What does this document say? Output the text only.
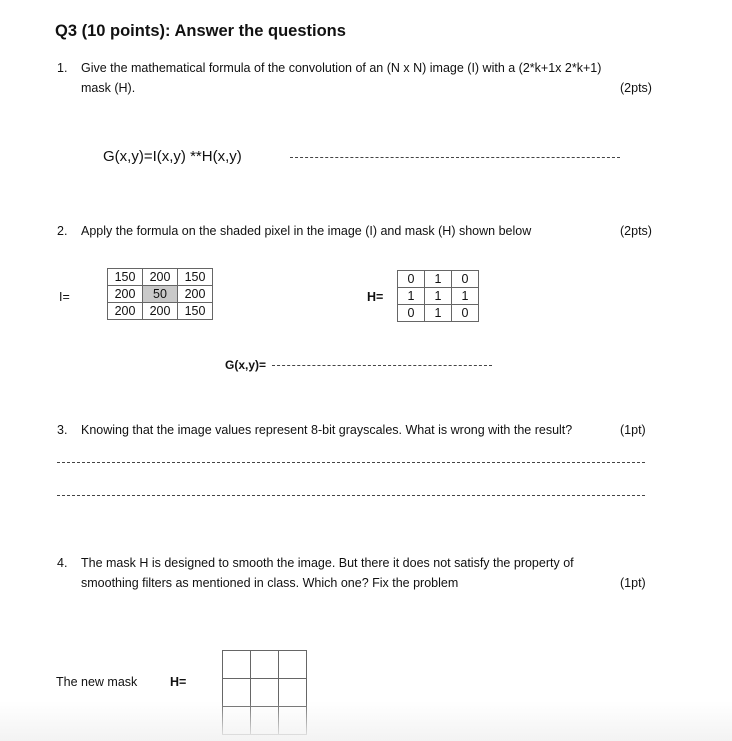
Q3 (10 points): Answer the questions
1. Give the mathematical formula of the convolution of an (N x N) image (I) with a (2*k+1x 2*k+1)
mask (H).	(2pts)
G(x,y)=I(x,y) **H(x,y)
2. Apply the formula on the shaded pixel in the image (I) and mask (H) shown below	(2pts)
I=
150	200	150
200	50	200
200	200	150
H=
0	1	0
1	1	1
0	1	0
G(x,y)=
3. Knowing that the image values represent 8-bit grayscales. What is wrong with the result?	(1pt)
4. The mask H is designed to smooth the image. But there it does not satisfy the property of
smoothing filters as mentioned in class. Which one? Fix the problem	(1pt)
The new mask	H=
